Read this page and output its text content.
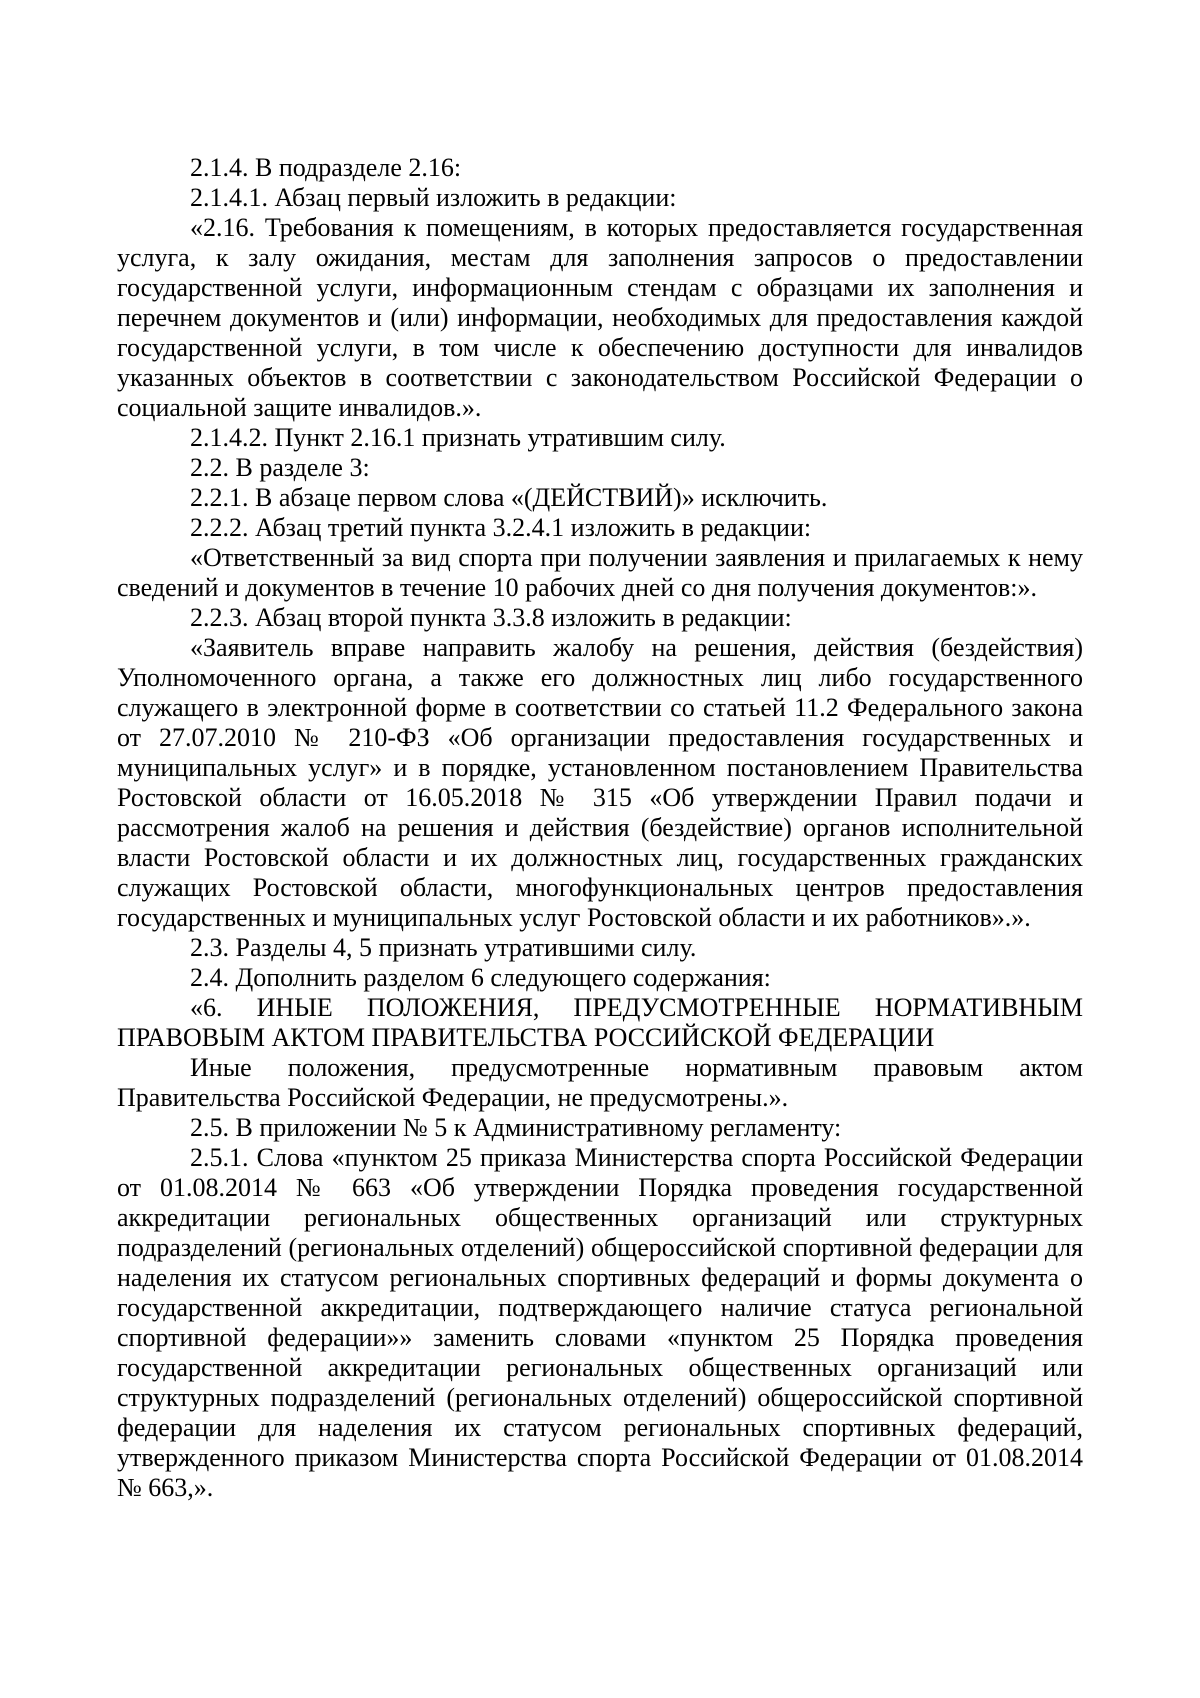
2.1.4. В подразделе 2.16:

2.1.4.1. Абзац первый изложить в редакции:

«2.16. Требования к помещениям, в которых предоставляется государственная услуга, к залу ожидания, местам для заполнения запросов о предоставлении государственной услуги, информационным стендам с образцами их заполнения и перечнем документов и (или) информации, необходимых для предоставления каждой государственной услуги, в том числе к обеспечению доступности для инвалидов указанных объектов в соответствии с законодательством Российской Федерации о социальной защите инвалидов.».

2.1.4.2. Пункт 2.16.1 признать утратившим силу.

2.2. В разделе 3:

2.2.1. В абзаце первом слова «(ДЕЙСТВИЙ)» исключить.

2.2.2. Абзац третий пункта 3.2.4.1 изложить в редакции:

«Ответственный за вид спорта при получении заявления и прилагаемых к нему сведений и документов в течение 10 рабочих дней со дня получения документов:».

2.2.3. Абзац второй пункта 3.3.8 изложить в редакции:

«Заявитель вправе направить жалобу на решения, действия (бездействия) Уполномоченного органа, а также его должностных лиц либо государственного служащего в электронной форме в соответствии со статьей 11.2 Федерального закона от 27.07.2010 № 210-ФЗ «Об организации предоставления государственных и муниципальных услуг» и в порядке, установленном постановлением Правительства Ростовской области от 16.05.2018 № 315 «Об утверждении Правил подачи и рассмотрения жалоб на решения и действия (бездействие) органов исполнительной власти Ростовской области и их должностных лиц, государственных гражданских служащих Ростовской области, многофункциональных центров предоставления государственных и муниципальных услуг Ростовской области и их работников».».

2.3. Разделы 4, 5 признать утратившими силу.

2.4. Дополнить разделом 6 следующего содержания:

«6. ИНЫЕ ПОЛОЖЕНИЯ, ПРЕДУСМОТРЕННЫЕ НОРМАТИВНЫМ ПРАВОВЫМ АКТОМ ПРАВИТЕЛЬСТВА РОССИЙСКОЙ ФЕДЕРАЦИИ

Иные положения, предусмотренные нормативным правовым актом Правительства Российской Федерации, не предусмотрены.».

2.5. В приложении № 5 к Административному регламенту:

2.5.1. Слова «пунктом 25 приказа Министерства спорта Российской Федерации от 01.08.2014 № 663 «Об утверждении Порядка проведения государственной аккредитации региональных общественных организаций или структурных подразделений (региональных отделений) общероссийской спортивной федерации для наделения их статусом региональных спортивных федераций и формы документа о государственной аккредитации, подтверждающего наличие статуса региональной спортивной федерации»» заменить словами «пунктом 25 Порядка проведения государственной аккредитации региональных общественных организаций или структурных подразделений (региональных отделений) общероссийской спортивной федерации для наделения их статусом региональных спортивных федераций, утвержденного приказом Министерства спорта Российской Федерации от 01.08.2014 № 663,».
